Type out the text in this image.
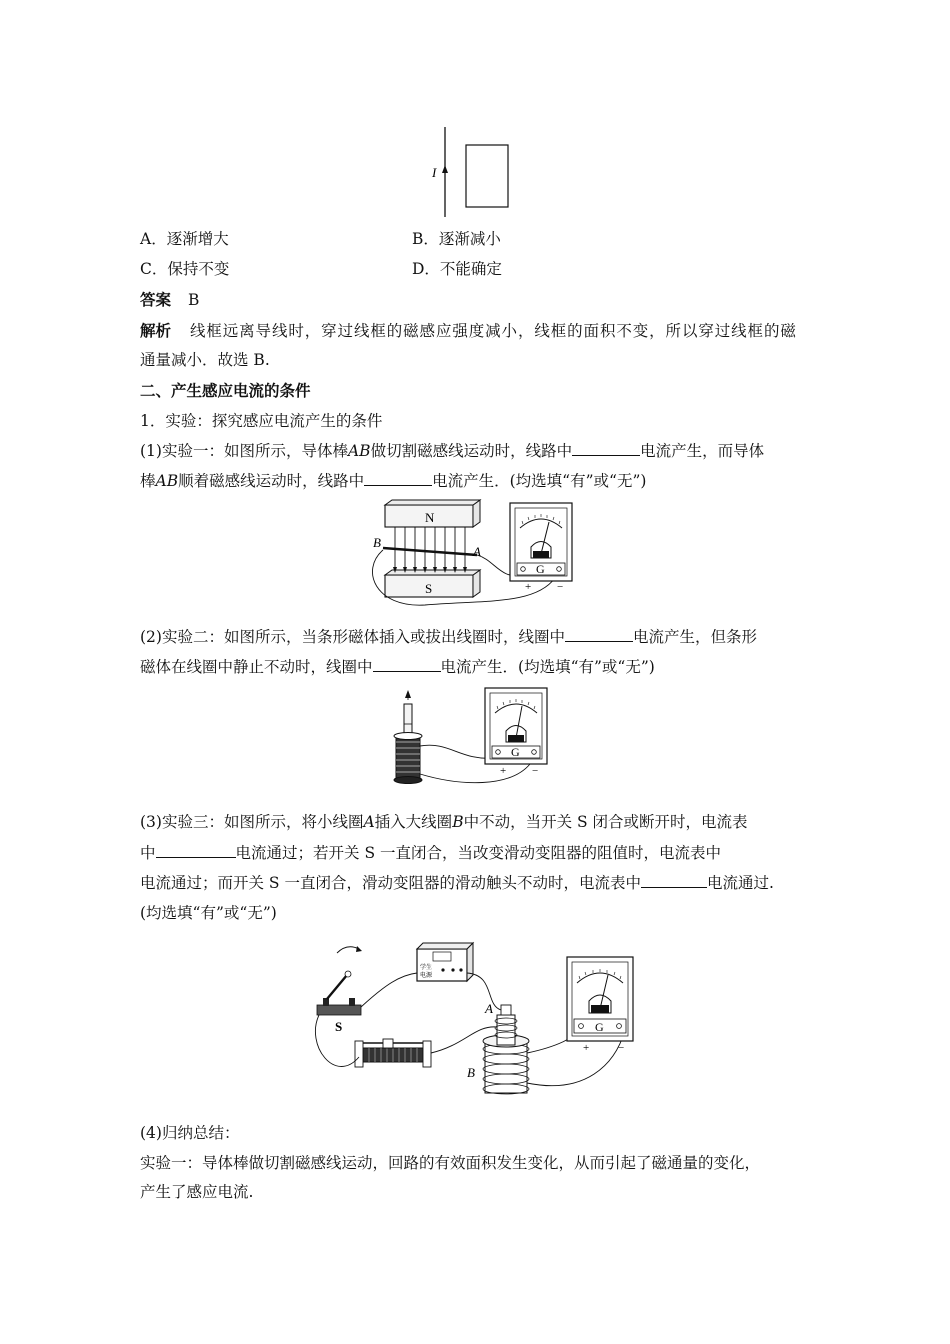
I
A．逐渐增大	B．逐渐减小
C．保持不变	D．不能确定
答案 B
解析 线框远离导线时，穿过线框的磁感应强度减小，线框的面积不变，所以穿过线框的磁
通量减小．故选 B.
二、产生感应电流的条件
1．实验：探究感应电流产生的条件
(1)实验一：如图所示，导体棒AB做切割磁感线运动时，线路中	电流产生，而导体
棒AB顺着磁感线运动时，线路中	电流产生．(均选填“有”或“无”)
N
S
B
A
G
+ −
(2)实验二：如图所示，当条形磁体插入或拔出线圈时，线圈中	电流产生，但条形
磁体在线圈中静止不动时，线圈中	电流产生．(均选填“有”或“无”)
G
+ −
(3)实验三：如图所示，将小线圈A插入大线圈B中不动，当开关 S 闭合或断开时，电流表
中	电流通过；若开关 S 一直闭合，当改变滑动变阻器的阻值时，电流表中
电流通过；而开关 S 一直闭合，滑动变阻器的滑动触头不动时，电流表中	电流通过.
(均选填“有”或“无”)
S
学生
电源
A
B
G
+	−
(4)归纳总结：
实验一：导体棒做切割磁感线运动，回路的有效面积发生变化，从而引起了磁通量的变化，
产生了感应电流.
